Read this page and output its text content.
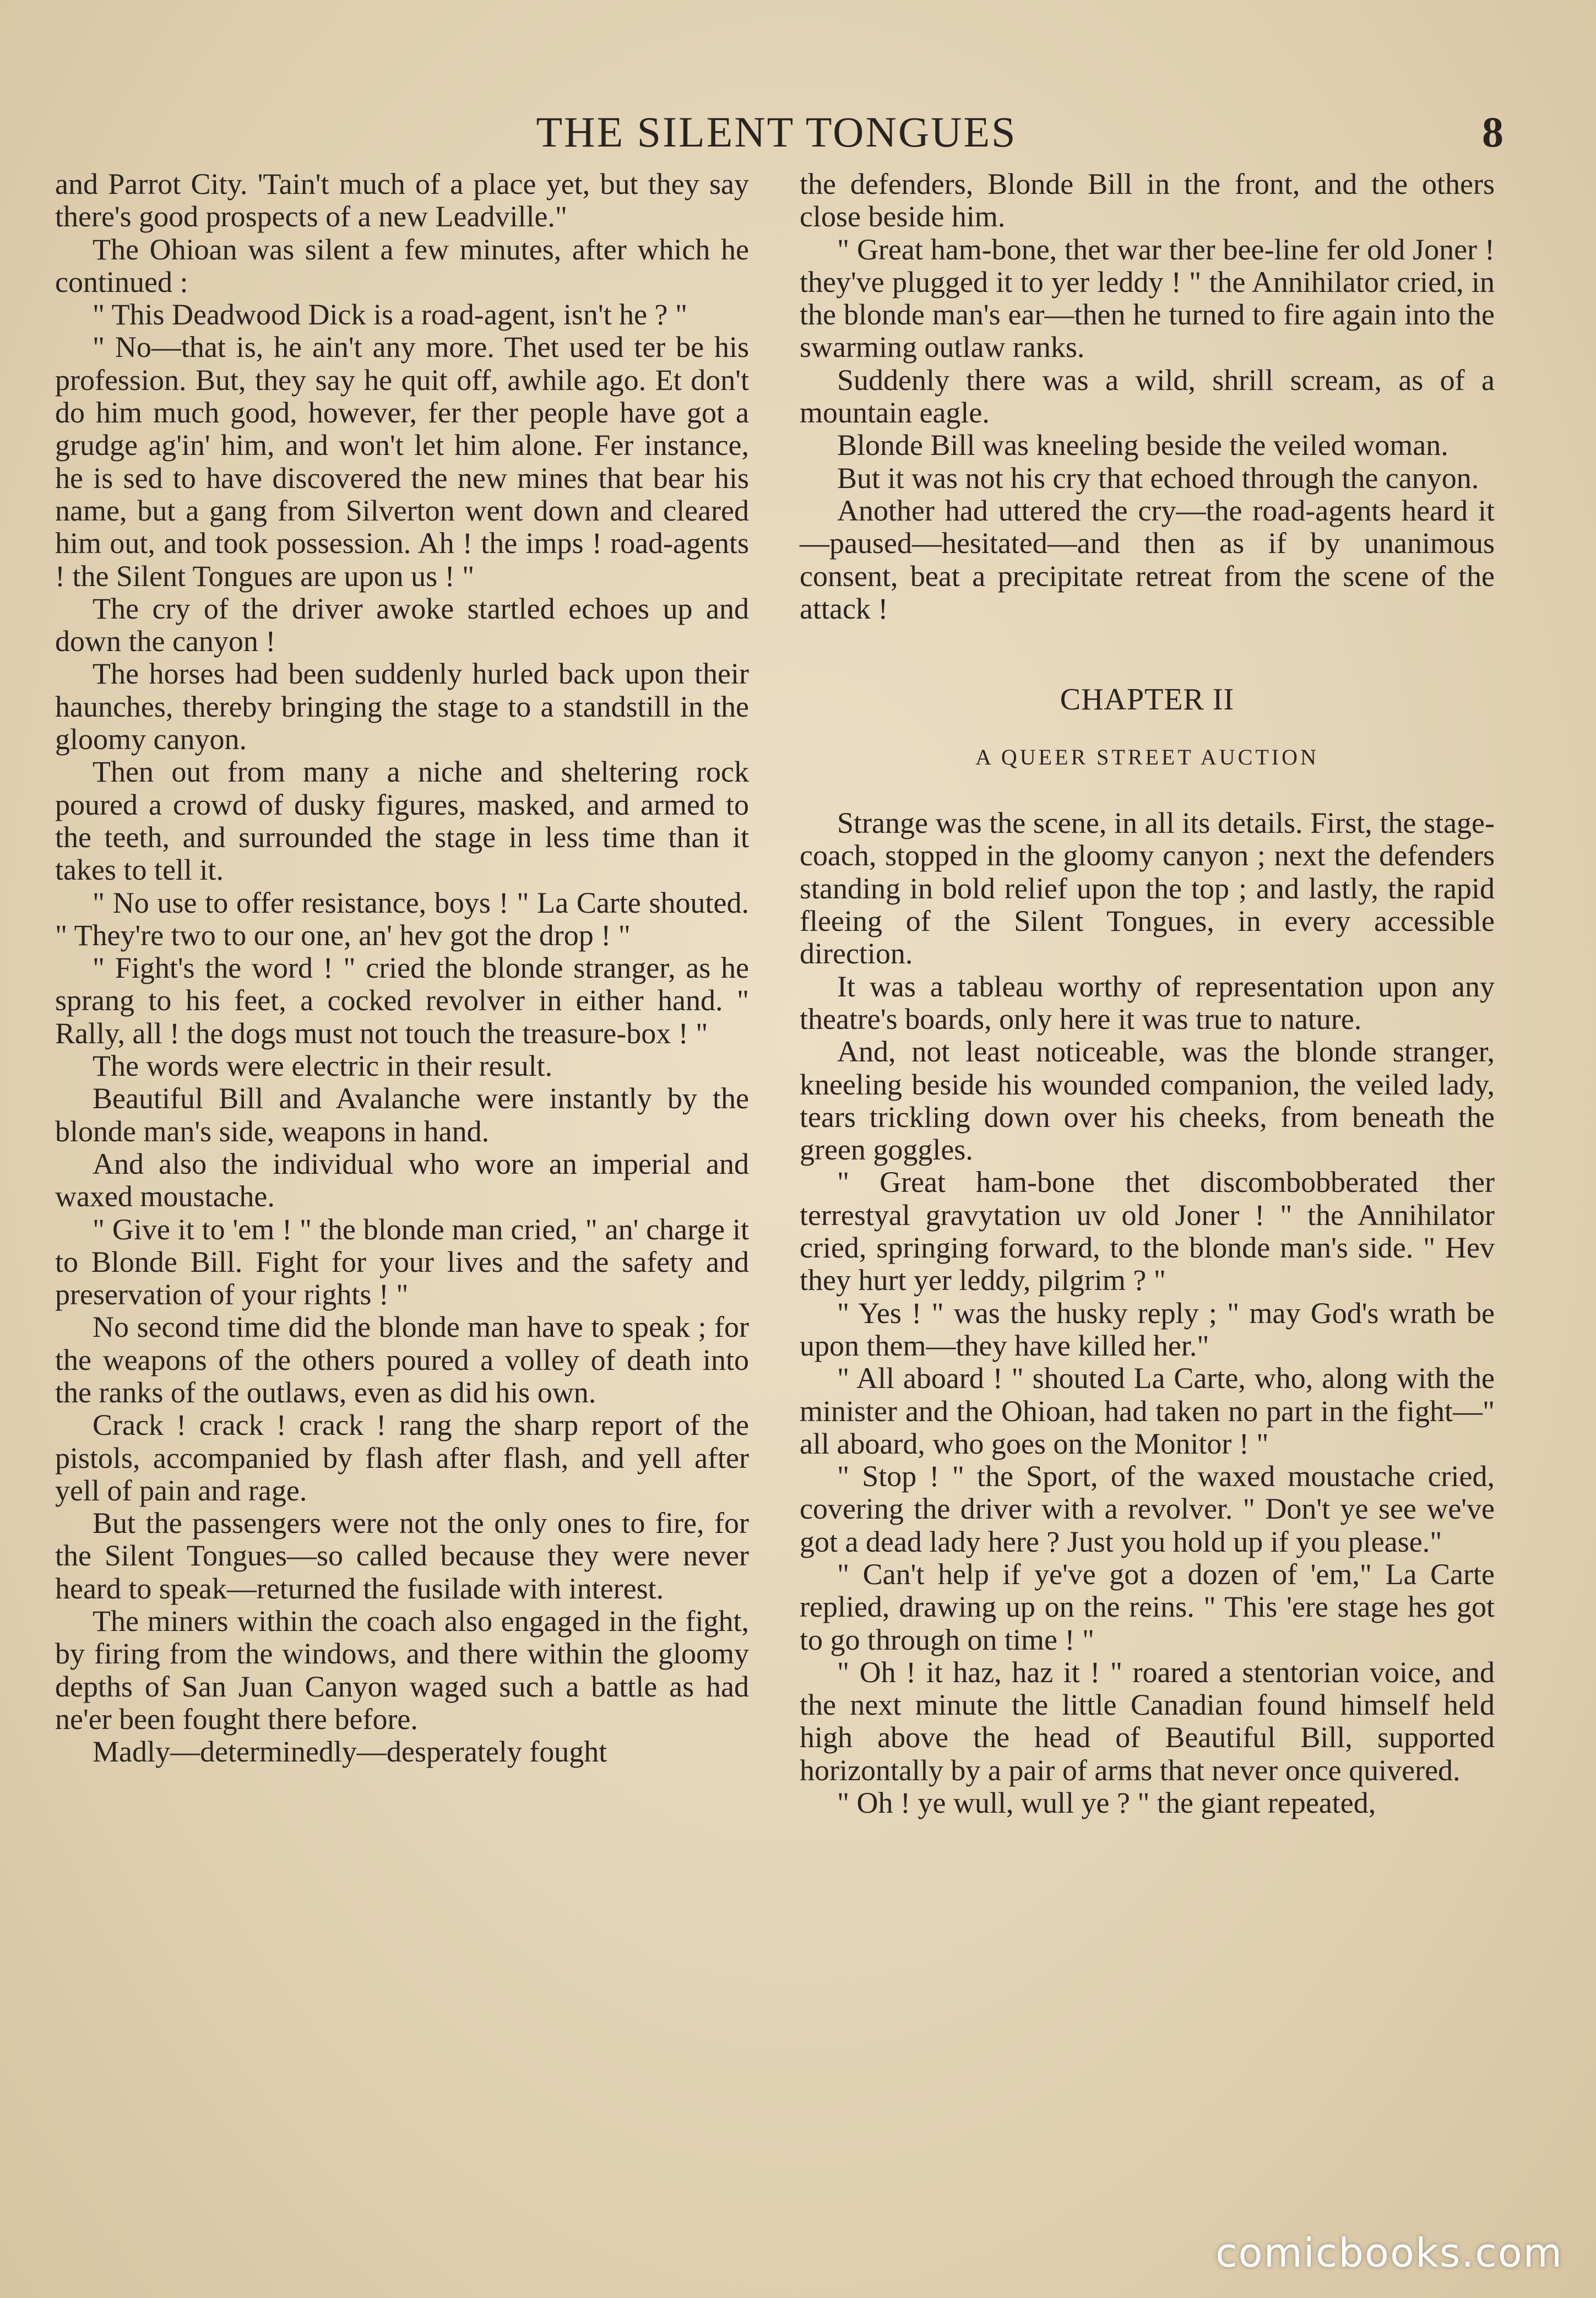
THE SILENT TONGUES	8

and Parrot City. 'Tain't much of a place yet, but they say there's good prospects of a new Leadville."

The Ohioan was silent a few minutes, after which he continued :

" This Deadwood Dick is a road-agent, isn't he ? "

" No—that is, he ain't any more. Thet used ter be his profession. But, they say he quit off, awhile ago. Et don't do him much good, however, fer ther people have got a grudge ag'in' him, and won't let him alone. Fer instance, he is sed to have discovered the new mines that bear his name, but a gang from Silverton went down and cleared him out, and took possession. Ah ! the imps ! road-agents ! the Silent Tongues are upon us ! "

The cry of the driver awoke startled echoes up and down the canyon !

The horses had been suddenly hurled back upon their haunches, thereby bringing the stage to a standstill in the gloomy canyon.

Then out from many a niche and sheltering rock poured a crowd of dusky figures, masked, and armed to the teeth, and surrounded the stage in less time than it takes to tell it.

" No use to offer resistance, boys ! " La Carte shouted. " They're two to our one, an' hev got the drop ! "

" Fight's the word ! " cried the blonde stranger, as he sprang to his feet, a cocked revolver in either hand. " Rally, all ! the dogs must not touch the treasure-box ! "

The words were electric in their result.

Beautiful Bill and Avalanche were instantly by the blonde man's side, weapons in hand.

And also the individual who wore an imperial and waxed moustache.

" Give it to 'em ! " the blonde man cried, " an' charge it to Blonde Bill. Fight for your lives and the safety and preservation of your rights ! "

No second time did the blonde man have to speak ; for the weapons of the others poured a volley of death into the ranks of the outlaws, even as did his own.

Crack ! crack ! crack ! rang the sharp report of the pistols, accompanied by flash after flash, and yell after yell of pain and rage.

But the passengers were not the only ones to fire, for the Silent Tongues—so called because they were never heard to speak—returned the fusilade with interest.

The miners within the coach also engaged in the fight, by firing from the windows, and there within the gloomy depths of San Juan Canyon waged such a battle as had ne'er been fought there before.

Madly—determinedly—desperately fought

the defenders, Blonde Bill in the front, and the others close beside him.

" Great ham-bone, thet war ther bee-line fer old Joner ! they've plugged it to yer leddy ! " the Annihilator cried, in the blonde man's ear—then he turned to fire again into the swarming outlaw ranks.

Suddenly there was a wild, shrill scream, as of a mountain eagle.

Blonde Bill was kneeling beside the veiled woman.

But it was not his cry that echoed through the canyon.

Another had uttered the cry—the road-agents heard it—paused—hesitated—and then as if by unanimous consent, beat a precipitate retreat from the scene of the attack !

CHAPTER II
A QUEER STREET AUCTION

Strange was the scene, in all its details. First, the stage-coach, stopped in the gloomy canyon ; next the defenders standing in bold relief upon the top ; and lastly, the rapid fleeing of the Silent Tongues, in every accessible direction.

It was a tableau worthy of representation upon any theatre's boards, only here it was true to nature.

And, not least noticeable, was the blonde stranger, kneeling beside his wounded companion, the veiled lady, tears trickling down over his cheeks, from beneath the green goggles.

" Great ham-bone thet discombobberated ther terrestyal gravytation uv old Joner ! " the Annihilator cried, springing forward, to the blonde man's side. " Hev they hurt yer leddy, pilgrim ? "

" Yes ! " was the husky reply ; " may God's wrath be upon them—they have killed her."

" All aboard ! " shouted La Carte, who, along with the minister and the Ohioan, had taken no part in the fight—" all aboard, who goes on the Monitor ! "

" Stop ! " the Sport, of the waxed moustache cried, covering the driver with a revolver. " Don't ye see we've got a dead lady here ? Just you hold up if you please."

" Can't help if ye've got a dozen of 'em," La Carte replied, drawing up on the reins. " This 'ere stage hes got to go through on time ! "

" Oh ! it haz, haz it ! " roared a stentorian voice, and the next minute the little Canadian found himself held high above the head of Beautiful Bill, supported horizontally by a pair of arms that never once quivered.

" Oh ! ye wull, wull ye ? " the giant repeated,

comicbooks.com
